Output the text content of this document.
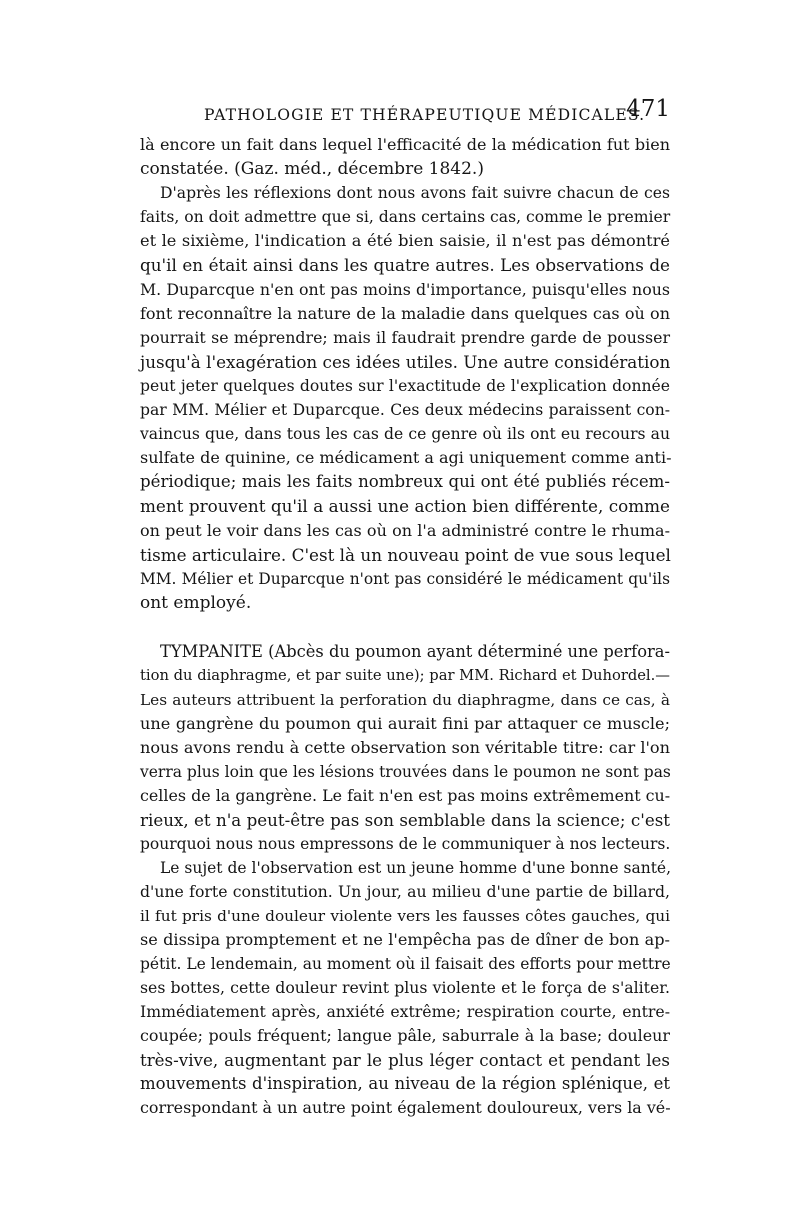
PATHOLOGIE ET THÉRAPEUTIQUE MÉDICALES.
471
là encore un fait dans lequel l'efficacité de la médication fut bien
constatée. (Gaz. méd., décembre 1842.)
D'après les réflexions dont nous avons fait suivre chacun de ces
faits, on doit admettre que si, dans certains cas, comme le premier
et le sixième, l'indication a été bien saisie, il n'est pas démontré
qu'il en était ainsi dans les quatre autres. Les observations de
M. Duparcque n'en ont pas moins d'importance, puisqu'elles nous
font reconnaître la nature de la maladie dans quelques cas où on
pourrait se méprendre; mais il faudrait prendre garde de pousser
jusqu'à l'exagération ces idées utiles. Une autre considération
peut jeter quelques doutes sur l'exactitude de l'explication donnée
par MM. Mélier et Duparcque. Ces deux médecins paraissent con-
vaincus que, dans tous les cas de ce genre où ils ont eu recours au
sulfate de quinine, ce médicament a agi uniquement comme anti-
périodique; mais les faits nombreux qui ont été publiés récem-
ment prouvent qu'il a aussi une action bien différente, comme
on peut le voir dans les cas où on l'a administré contre le rhuma-
tisme articulaire. C'est là un nouveau point de vue sous lequel
MM. Mélier et Duparcque n'ont pas considéré le médicament qu'ils
ont employé.
TYMPANITE (Abcès du poumon ayant déterminé une perfora-
tion du diaphragme, et par suite une); par MM. Richard et Duhordel.—
Les auteurs attribuent la perforation du diaphragme, dans ce cas, à
une gangrène du poumon qui aurait fini par attaquer ce muscle;
nous avons rendu à cette observation son véritable titre: car l'on
verra plus loin que les lésions trouvées dans le poumon ne sont pas
celles de la gangrène. Le fait n'en est pas moins extrêmement cu-
rieux, et n'a peut-être pas son semblable dans la science; c'est
pourquoi nous nous empressons de le communiquer à nos lecteurs.
Le sujet de l'observation est un jeune homme d'une bonne santé,
d'une forte constitution. Un jour, au milieu d'une partie de billard,
il fut pris d'une douleur violente vers les fausses côtes gauches, qui
se dissipa promptement et ne l'empêcha pas de dîner de bon ap-
pétit. Le lendemain, au moment où il faisait des efforts pour mettre
ses bottes, cette douleur revint plus violente et le força de s'aliter.
Immédiatement après, anxiété extrême; respiration courte, entre-
coupée; pouls fréquent; langue pâle, saburrale à la base; douleur
très-vive, augmentant par le plus léger contact et pendant les
mouvements d'inspiration, au niveau de la région splénique, et
correspondant à un autre point également douloureux, vers la vé-
